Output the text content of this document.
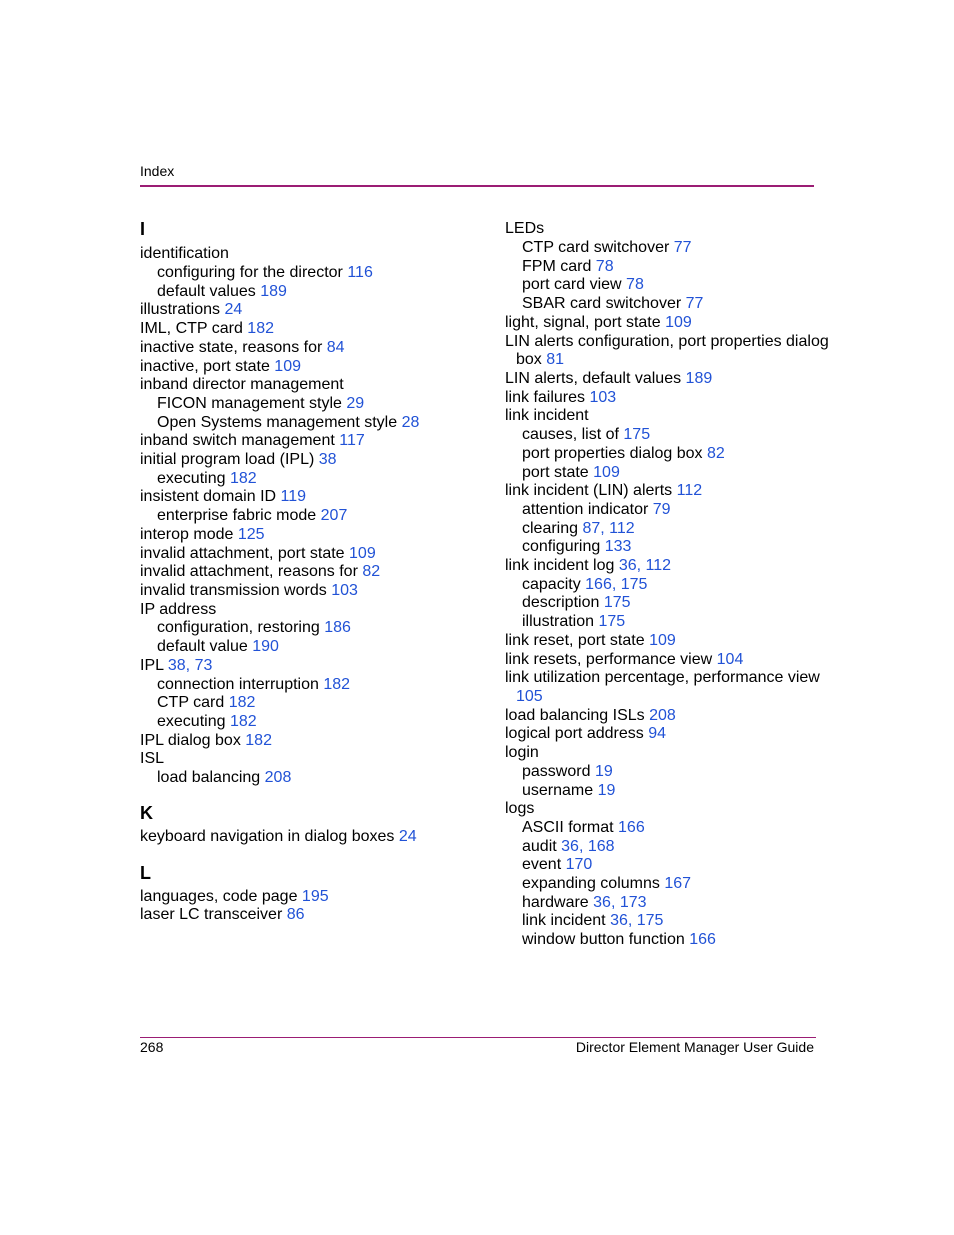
Index
I
identification
configuring for the director 116
default values 189
illustrations 24
IML, CTP card 182
inactive state, reasons for 84
inactive, port state 109
inband director management
FICON management style 29
Open Systems management style 28
inband switch management 117
initial program load (IPL) 38
executing 182
insistent domain ID 119
enterprise fabric mode 207
interop mode 125
invalid attachment, port state 109
invalid attachment, reasons for 82
invalid transmission words 103
IP address
configuration, restoring 186
default value 190
IPL 38, 73
connection interruption 182
CTP card 182
executing 182
IPL dialog box 182
ISL
load balancing 208
K
keyboard navigation in dialog boxes 24
L
languages, code page 195
laser LC transceiver 86
LEDs
CTP card switchover 77
FPM card 78
port card view 78
SBAR card switchover 77
light, signal, port state 109
LIN alerts configuration, port properties dialog
box 81
LIN alerts, default values 189
link failures 103
link incident
causes, list of 175
port properties dialog box 82
port state 109
link incident (LIN) alerts 112
attention indicator 79
clearing 87, 112
configuring 133
link incident log 36, 112
capacity 166, 175
description 175
illustration 175
link reset, port state 109
link resets, performance view 104
link utilization percentage, performance view
105
load balancing ISLs 208
logical port address 94
login
password 19
username 19
logs
ASCII format 166
audit 36, 168
event 170
expanding columns 167
hardware 36, 173
link incident 36, 175
window button function 166
268	Director Element Manager User Guide
